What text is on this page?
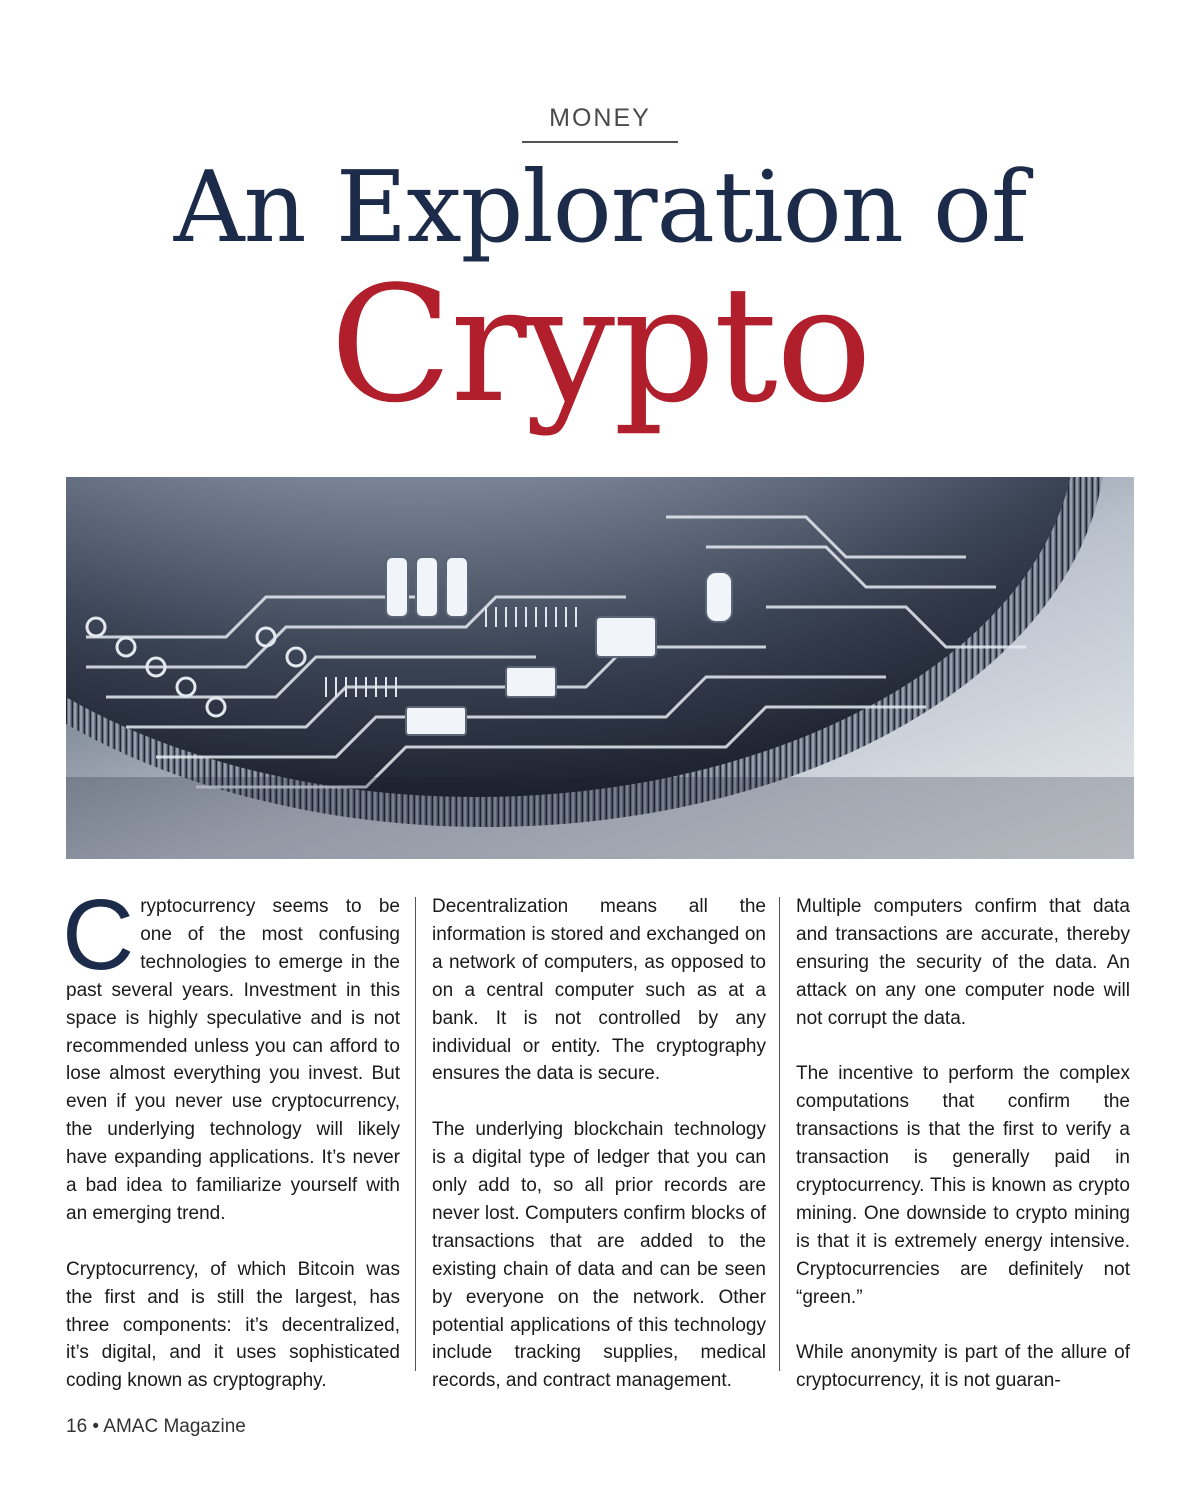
MONEY
An Exploration of
Crypto

C ryptocurrency seems to be one of the most confusing technologies to emerge in the past several years. Investment in this space is highly speculative and is not recommended unless you can afford to lose almost everything you invest. But even if you never use cryptocurrency, the underlying technology will likely have expanding applications. It’s never a bad idea to familiarize yourself with an emerging trend.

Cryptocurrency, of which Bitcoin was the first and is still the largest, has three components: it’s decentralized, it’s digital, and it uses sophisticated coding known as cryptography.

Decentralization means all the information is stored and exchanged on a network of computers, as opposed to on a central computer such as at a bank. It is not controlled by any individual or entity. The cryptography ensures the data is secure.

The underlying blockchain technology is a digital type of ledger that you can only add to, so all prior records are never lost. Computers confirm blocks of transactions that are added to the existing chain of data and can be seen by everyone on the network. Other potential applications of this technology include tracking supplies, medical records, and contract management.

Multiple computers confirm that data and transactions are accurate, thereby ensuring the security of the data. An attack on any one computer node will not corrupt the data.

The incentive to perform the complex computations that confirm the transactions is that the first to verify a transaction is generally paid in cryptocurrency. This is known as crypto mining. One downside to crypto mining is that it is extremely energy intensive. Cryptocurrencies are definitely not “green.”

While anonymity is part of the allure of cryptocurrency, it is not guaran-

16 • AMAC Magazine
